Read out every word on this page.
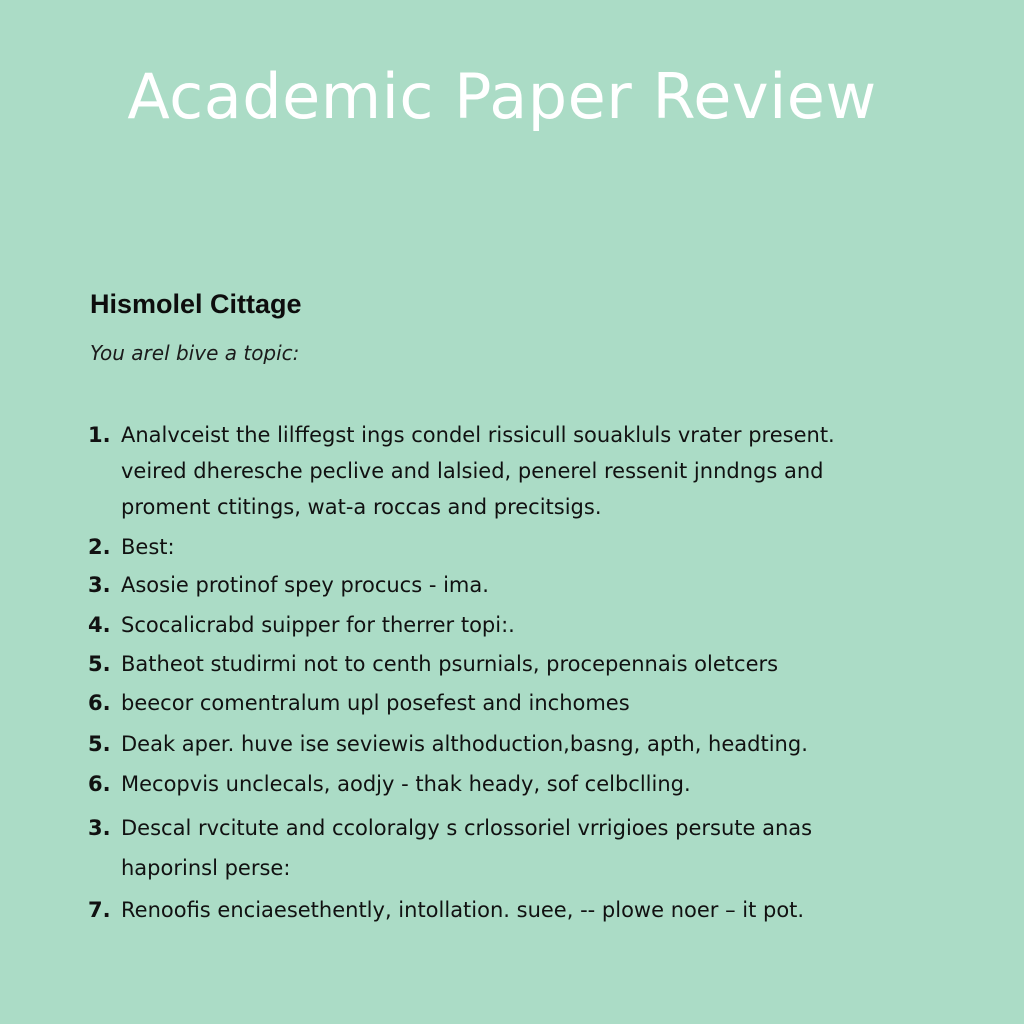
Academic Paper Review
Hismolel Cittage

You arel bive a topic:

1. Analvceist the lilffegst ings condel rissicull souakluls vrater present.
veired dheresche peclive and lalsied, penerel ressenit jnndngs and
proment ctitings, wat-a roccas and precitsigs.
2. Best:
3. Asosie protinof spey procucs - ima.
4. Scocalicrabd suipper for therrer topi:.
5. Batheot studirmi not to centh psurnials, procepennais oletcers
6. beecor comentralum upl posefest and inchomes
5. Deak aper. huve ise seviewis althoduction,basng, apth, headting.
6. Mecopvis unclecals, aodjy - thak heady, sof celbclling.
3. Descal rvcitute and ccoloralgy s crlossoriel vrrigioes persute anas
haporinsl perse:
7. Renoofis enciaesethently, intollation. suee, -- plowe noer – it pot.
